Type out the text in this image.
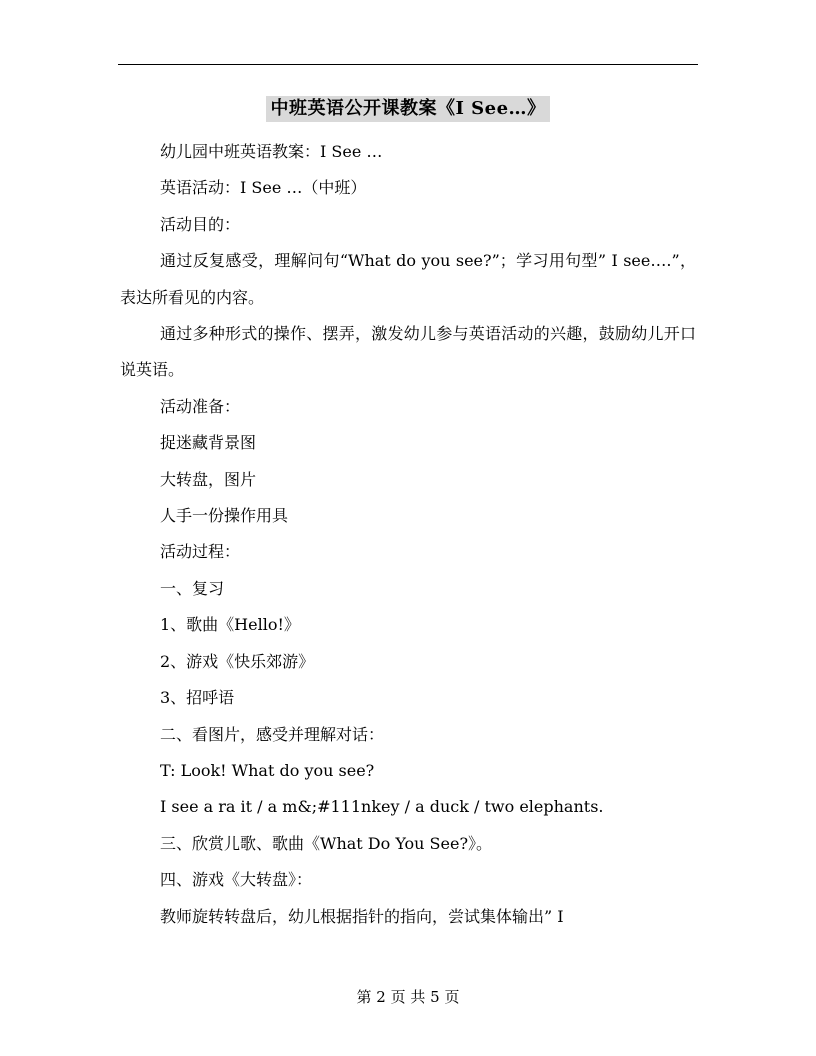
中班英语公开课教案《I See…》

幼儿园中班英语教案：I See …

英语活动：I See …（中班）

活动目的：

通过反复感受，理解问句“What do you see?”；学习用句型” I see….”，表达所看见的内容。

通过多种形式的操作、摆弄，激发幼儿参与英语活动的兴趣，鼓励幼儿开口说英语。

活动准备：

捉迷藏背景图

大转盘，图片

人手一份操作用具

活动过程：

一、复习

1、歌曲《Hello!》

2、游戏《快乐郊游》

3、招呼语

二、看图片，感受并理解对话：

T: Look! What do you see?

I see a ra it / a m&;#111nkey / a duck / two elephants.

三、欣赏儿歌、歌曲《What Do You See?》。

四、游戏《大转盘》：

教师旋转转盘后，幼儿根据指针的指向，尝试集体输出” I

第 2 页 共 5 页
